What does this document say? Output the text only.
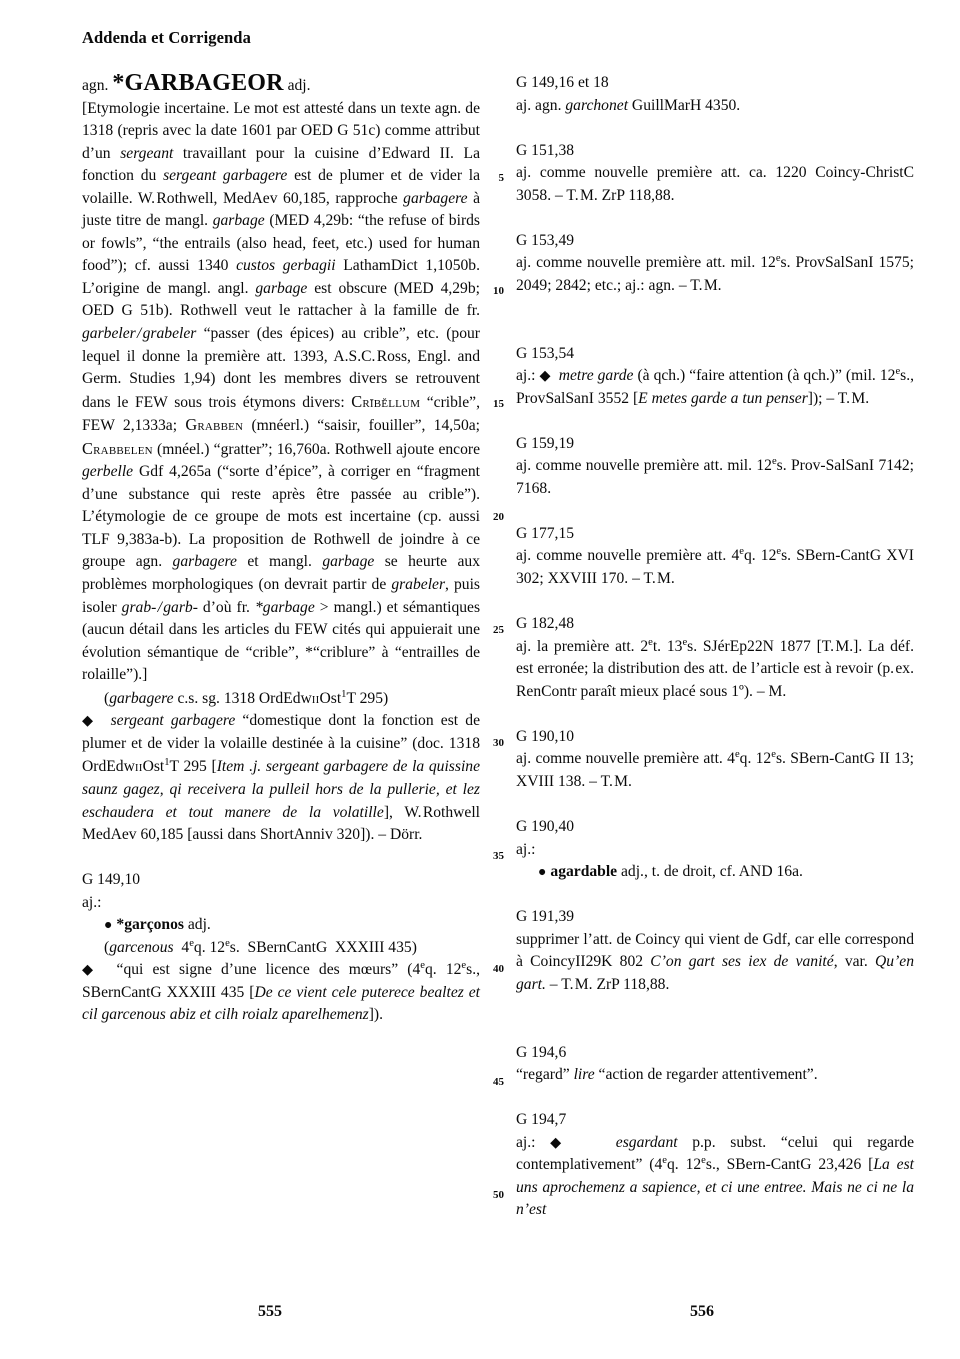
Addenda et Corrigenda

agn. *GARBAGEOR adj.

[Etymologie incertaine. Le mot est attesté dans un texte agn. de 1318 (repris avec la date 1601 par OED G 51c) comme attribut d’un sergeant travaillant pour la cuisine d’Edward II. La fonction du sergeant garbagere est de plumer et de vider la volaille. W. Rothwell, MedAev 60,185, rapproche garbagere à juste titre de mangl. garbage (MED 4,29b: “the refuse of birds or fowls”, “the entrails (also head, feet, etc.) used for human food”); cf. aussi 1340 custos gerbagii LathamDict 1,1050b. L’origine de mangl. angl. garbage est obscure (MED 4,29b; OED G 51b). Rothwell veut le rattacher à la famille de fr. garbeler / grabeler “passer (des épices) au crible”, etc. (pour lequel il donne la première att. 1393, A.S.C. Ross, Engl. and Germ. Studies 1,94) dont les membres divers se retrouvent dans le FEW sous trois étymons divers: Crībĕllum “crible”, FEW 2,1333a; Grabben (mnéerl.) “saisir, fouiller”, 14,50a; Crabbelen (mnéel.) “gratter”; 16,760a. Rothwell ajoute encore gerbelle Gdf 4,265a (“sorte d’épice”, à corriger en “fragment d’une substance qui reste après être passée au crible”). L’étymologie de ce groupe de mots est incertaine (cp. aussi TLF 9,383a-b). La proposition de Rothwell de joindre à ce groupe agn. garbagere et mangl. garbage se heurte aux problèmes morphologiques (on devrait partir de grabeler, puis isoler grab- / garb- d’où fr. *garbage > mangl.) et sémantiques (aucun détail dans les articles du FEW cités qui appuierait une évolution sémantique de “crible”, *“criblure” à “entrailles de rolaille”).]

(garbagere c.s. sg. 1318 OrdEdwiiOst$^1$T 295)

◆ sergeant garbagere “domestique dont la fonction est de plumer et de vider la volaille destinée à la cuisine” (doc. 1318 OrdEdwiiOst$^1$T 295 [Item .j. sergeant garbagere de la quissine saunz gagez, qi receivera la pulleil hors de la pullerie, et lez eschaudera et tout manere de la volatille], W. Rothwell MedAev 60,185 [aussi dans ShortAnniv 320]). – Dörr.

G 149,10

aj.:

● *garçonos adj.

(garcenous  4eq. 12es.  SBernCantG  XXXIII 435)

◆  “qui est signe d’une licence des mœurs” (4eq. 12es., SBernCantG XXXIII 435 [De ce vient cele puterece bealtez et cil garcenous abiz et cilh roialz aparelhemenz]).

G 149,16 et 18

aj. agn. garchonet GuillMarH 4350.

G 151,38

aj. comme nouvelle première att. ca. 1220 Coincy-ChristC 3058. – T. M. ZrP 118,88.

G 153,49

aj. comme nouvelle première att. mil. 12es. ProvSalSanI 1575; 2049; 2842; etc.; aj.: agn. – T. M.

G 153,54

aj.: ◆ metre garde (à qch.) “faire attention (à qch.)” (mil. 12es., ProvSalSanI 3552 [E metes garde a tun penser]); – T. M.

G 159,19

aj. comme nouvelle première att. mil. 12es. Prov-SalSanI 7142; 7168.

G 177,15

aj. comme nouvelle première att. 4eq. 12es. SBern-CantG XVI 302; XXVIII 170. – T. M.

G 182,48

aj. la première att. 2et. 13es. SJérEp22N 1877 [T. M.]. La déf. est erronée; la distribution des att. de l’article est à revoir (p. ex. RenContr paraît mieux placé sous 1º). – M.

G 190,10

aj. comme nouvelle première att. 4eq. 12es. SBern-CantG II 13; XVIII 138. – T. M.

G 190,40

aj.:

● agardable adj., t. de droit, cf. AND 16a.

G 191,39

supprimer l’att. de Coincy qui vient de Gdf, car elle correspond à CoincyII29K 802 C’on gart ses iex de vanité, var. Qu’en gart. – T. M. ZrP 118,88.

G 194,6

“regard” lire “action de regarder attentivement”.

G 194,7

aj.: ◆	esgardant p.p. subst. “celui qui regarde contemplativement” (4eq. 12es., SBern-CantG 23,426 [La est uns aprochemenz a sapience, et ci une entree. Mais ne ci ne la n’est

5
10
15
20
25
30
35
40
45
50
555	556
